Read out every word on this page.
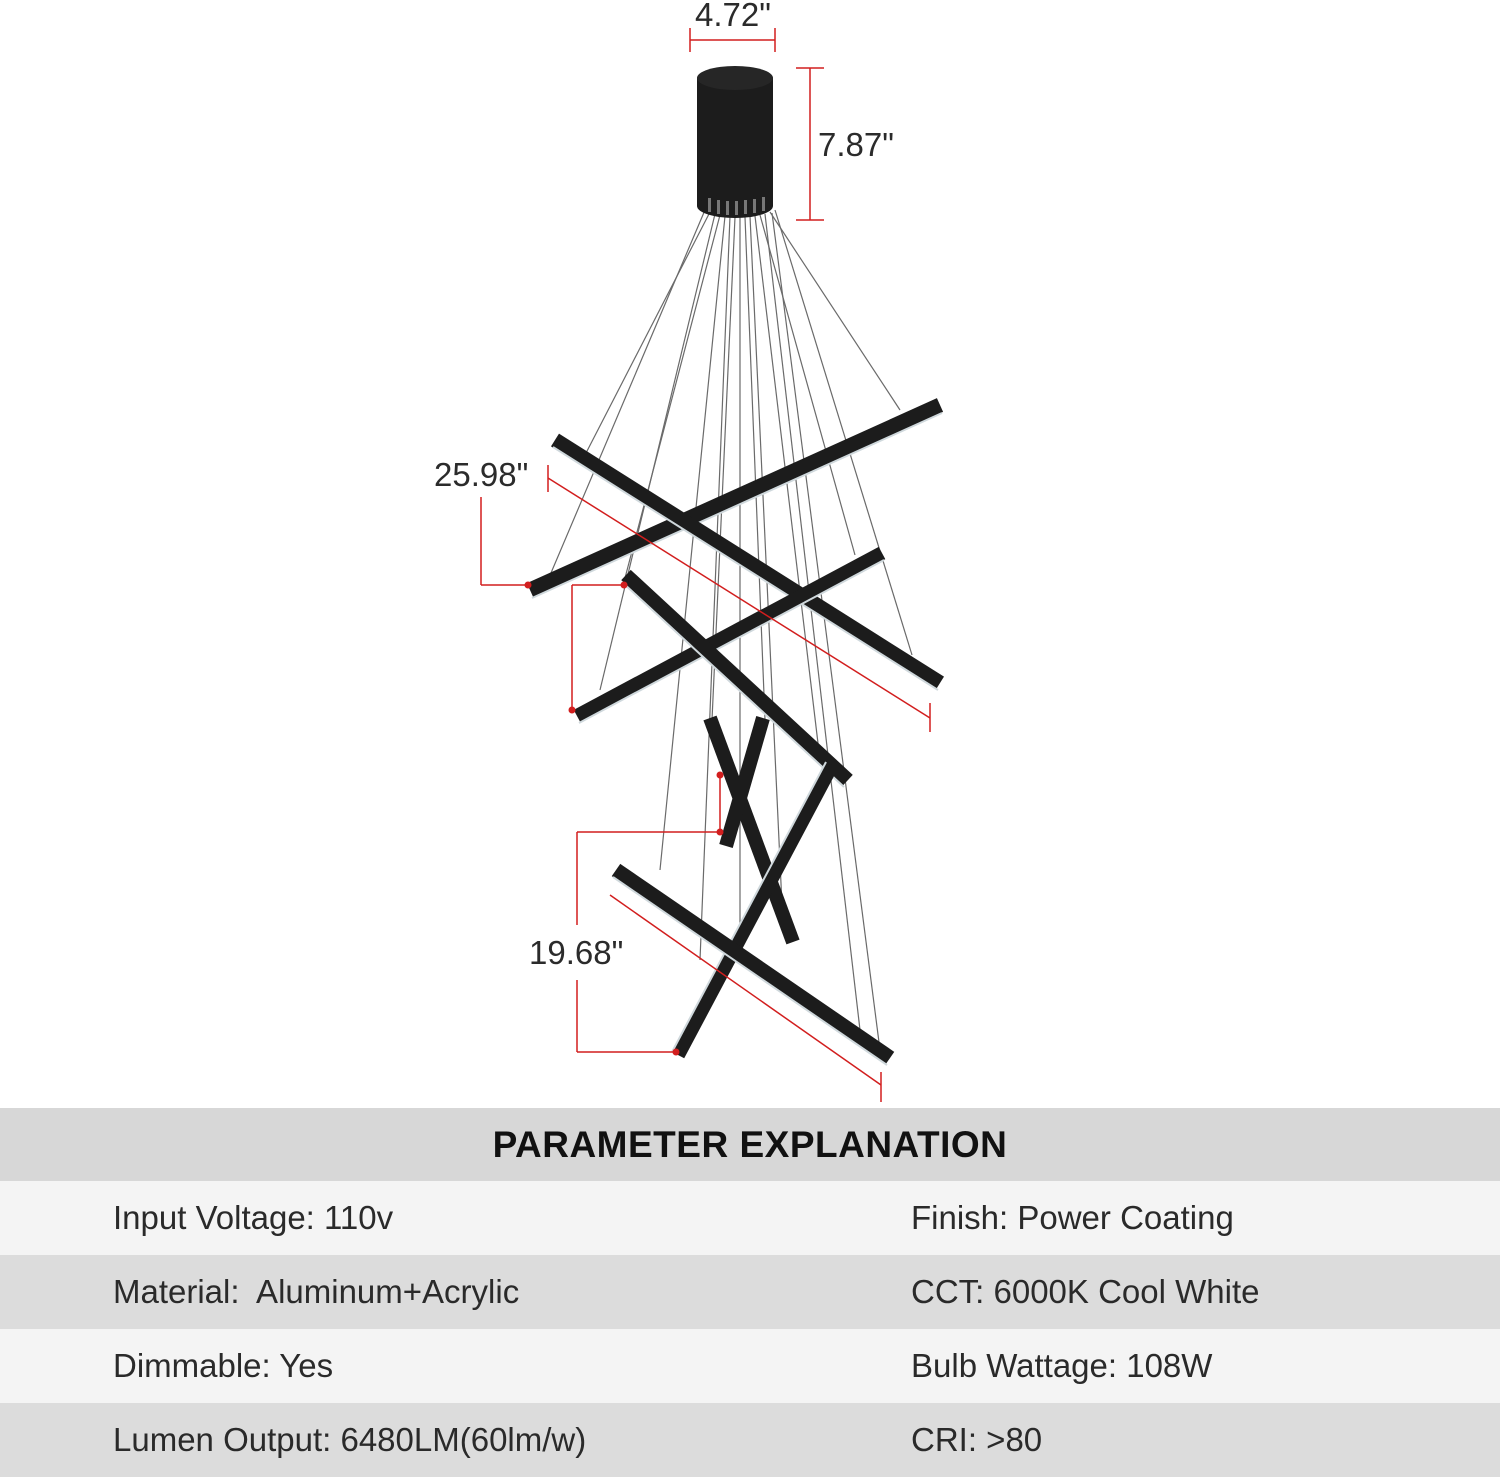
4.72"
7.87"
25.98"
19.68"
PARAMETER EXPLANATION
Input Voltage: 110v	Finish: Power Coating
Material:  Aluminum+Acrylic	CCT: 6000K Cool White
Dimmable: Yes	Bulb Wattage: 108W
Lumen Output: 6480LM(60lm/w)	CRI: >80
